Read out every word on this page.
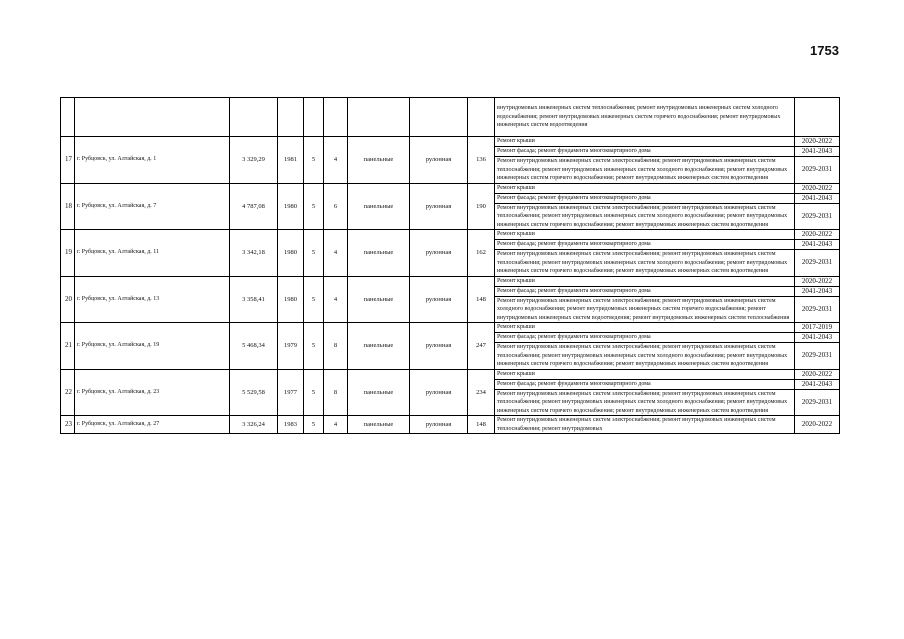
1753
									внутридомовых инженерных систем теплоснабжения; ремонт внутридомовых инженерных систем холодного водоснабжения; ремонт внутридомовых инженерных систем горячего водоснабжения; ремонт внутридомовых инженерных систем водоотведения	
17	г. Рубцовск, ул. Алтайская, д. 1	3 329,29	1981	5	4	панельные	рулонная	136	Ремонт крыши	2020-2022
									Ремонт фасада; ремонт фундамента многоквартирного дома	2041-2043
									Ремонт внутридомовых инженерных систем электроснабжения; ремонт внутридомовых инженерных систем теплоснабжения; ремонт внутридомовых инженерных систем холодного водоснабжения; ремонт внутридомовых инженерных систем горячего водоснабжения; ремонт внутридомовых инженерных систем водоотведения	2029-2031
18	г. Рубцовск, ул. Алтайская, д. 7	4 787,08	1980	5	6	панельные	рулонная	190	Ремонт крыши	2020-2022
									Ремонт фасада; ремонт фундамента многоквартирного дома	2041-2043
									Ремонт внутридомовых инженерных систем электроснабжения; ремонт внутридомовых инженерных систем теплоснабжения; ремонт внутридомовых инженерных систем холодного водоснабжения; ремонт внутридомовых инженерных систем горячего водоснабжения; ремонт внутридомовых инженерных систем водоотведения	2029-2031
19	г. Рубцовск, ул. Алтайская, д. 11	3 342,18	1980	5	4	панельные	рулонная	162	Ремонт крыши	2020-2022
									Ремонт фасада; ремонт фундамента многоквартирного дома	2041-2043
									Ремонт внутридомовых инженерных систем электроснабжения; ремонт внутридомовых инженерных систем теплоснабжения; ремонт внутридомовых инженерных систем холодного водоснабжения; ремонт внутридомовых инженерных систем горячего водоснабжения; ремонт внутридомовых инженерных систем водоотведения	2029-2031
20	г. Рубцовск, ул. Алтайская, д. 13	3 358,41	1980	5	4	панельные	рулонная	148	Ремонт крыши	2020-2022
									Ремонт фасада; ремонт фундамента многоквартирного дома	2041-2043
									Ремонт внутридомовых инженерных систем электроснабжения; ремонт внутридомовых инженерных систем холодного водоснабжения; ремонт внутридомовых инженерных систем горячего водоснабжения; ремонт внутридомовых инженерных систем водоотведения; ремонт внутридомовых инженерных систем теплоснабжения	2029-2031
21	г. Рубцовск, ул. Алтайская, д. 19	5 468,34	1979	5	8	панельные	рулонная	247	Ремонт крыши	2017-2019
									Ремонт фасада; ремонт фундамента многоквартирного дома	2041-2043
									Ремонт внутридомовых инженерных систем электроснабжения; ремонт внутридомовых инженерных систем теплоснабжения; ремонт внутридомовых инженерных систем холодного водоснабжения; ремонт внутридомовых инженерных систем горячего водоснабжения; ремонт внутридомовых инженерных систем водоотведения	2029-2031
22	г. Рубцовск, ул. Алтайская, д. 23	5 529,58	1977	5	8	панельные	рулонная	234	Ремонт крыши	2020-2022
									Ремонт фасада; ремонт фундамента многоквартирного дома	2041-2043
									Ремонт внутридомовых инженерных систем электроснабжения; ремонт внутридомовых инженерных систем теплоснабжения; ремонт внутридомовых инженерных систем холодного водоснабжения; ремонт внутридомовых инженерных систем горячего водоснабжения; ремонт внутридомовых инженерных систем водоотведения	2029-2031
23	г. Рубцовск, ул. Алтайская, д. 27	3 326,24	1983	5	4	панельные	рулонная	148	Ремонт внутридомовых инженерных систем электроснабжения; ремонт внутридомовых инженерных систем теплоснабжения; ремонт внутридомовых	2020-2022
